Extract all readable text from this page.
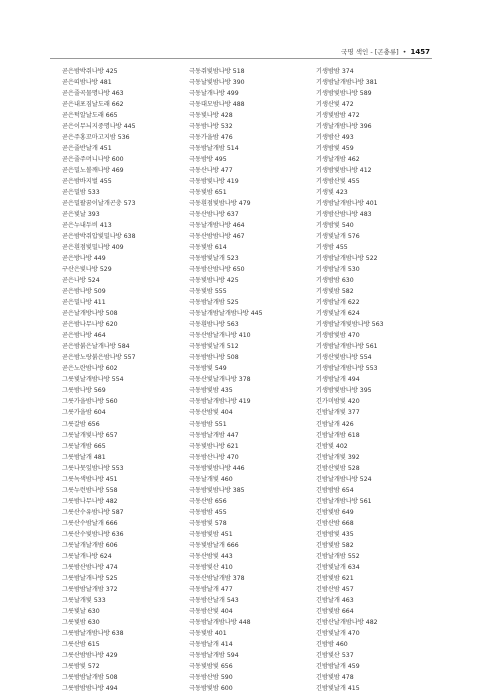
국명 색인 - [곤충류] • 1457
곧은밤박쥐나방 425
곧은띠밤나방 481
곧은줄곡물명나방 463
곧은내포짐날도래 662
곧은턱알날도래 665
곧은이무늬지중명나방 445
곧은주홍꼬마고지밤 536
곧은줄반날개 451
곧은줄주머니나방 600
곧은밀노볼깨나방 469
곧은밤바지벌 455
곧은밀밤 533
곧은밀팔꿈이날개곤충 573
곧은빛날 393
곧은누내두비 413
곧은밤박쥐압빛밀나방 638
곧은흰점빛밀나방 409
곧은방나방 449
구산은빛나방 529
곧은나방 524
곧은밤나방 509
곧은밀나방 411
곧은날개방나방 508
곧은밤나무나방 620
곧은밤나방 464
곧은밤붉은날개나방 584
곧은밤노랑붉은밤나방 557
곧은노란밤나방 602
그릇빛날개밤나방 554
그릇밤나방 569
그릇가을밤나방 560
그릇가을밤 604
그릇갈밤 656
그릇날개빛나방 657
그릇날개밤 665
그릇밤날개 481
그릇나뭇잎밤나방 553
그릇녹색밤나방 451
그릇누런밤나방 558
그릇밤나무나방 482
그릇산수유밤나방 587
그릇산수밤날개 666
그릇산수빛밤나방 636
그릇날개날개밤 606
그릇날개나방 624
그릇밤산밤나방 474
그릇밤날개나방 525
그릇밤밤날개밤 372
그릇날개빛 533
그릇빛날 630
그릇빛밤 630
그릇밤날개밤나방 638
그릇산밤 615
그릇산밤밤나방 429
그릇밤빛 572
그릇밤밤날개밤 508
그릇밤밤밤나방 494
극동쥐빛밤나방 518
극동날빛밤나방 390
극동날개나방 499
극동대모밤나방 488
극동빛나방 428
극동밤나방 532
극동가을밤 476
극동밤날개밤 514
극동밤방 495
극동산나방 477
극동밤빛나방 419
극동빛밤 651
극동흰점빛밤나방 479
극동산밤나방 637
극동날개밤나방 464
극동산밤밤나방 467
극동빛밤 614
극동밤빛날개 523
극동밤산밤나방 650
극동빛밤나방 425
극동빛밤 555
극동밤날개밤 525
극동날개밤날개밤나방 445
극동흰밤나방 563
극동산밤날개나방 410
극동밤빛날개 512
극동밤밤나방 508
극동밤빛 549
극동산빛날개나방 378
극동밤빛밤 435
극동밤날개밤나방 419
극동산밤빛 404
극동밤밤 551
극동밤날개밤 447
극동빛밤나방 621
극동밤산나방 470
극동밤빛밤나방 446
극동날개빛 460
극동밤빛밤나방 385
극동산밤 656
극동밤밤 455
극동밤빛 578
극동밤빛밤 451
극동빛밤날개 666
극동산밤빛 443
극동밤빛산 410
극동산밤날개밤 378
극동밤날개 477
극동밤산날개 543
극동밤산빛 404
극동밤날개밤나방 448
극동빛밤 401
극동밤날개 414
극동밤날개밤 594
극동빛밤빛 656
극동밤산밤 590
극동밤빛밤 600
기생밤밤 374
기생밤날개밤나방 381
기생밤빛밤나방 589
기생산빛 472
기생빛밤밤 472
기생날개밤나방 396
기생밤산 493
기생밤빛 459
기생날개밤 462
기생밤빛밤나방 412
기생밤산빛 455
기생빛 423
기생밤날개밤나방 401
기생밤산밤나방 483
기생밤빛 540
기생빛날개 576
기생밤 455
기생밤날개밤나방 522
기생밤날개 530
기생밤밤 630
기생빛밤 582
기생밤날개 622
기생빛날개 624
기생밤날개빛밤나방 563
기생밤빛밤 470
기생밤날개밤나방 561
기생산빛밤나방 554
기생밤날개밤나방 553
기생밤날개 494
기생밤빛밤나방 395
긴가미밤빛 420
긴밤날개빛 377
긴밤날개 426
긴밤날개밤 618
긴밤빛 402
긴밤날개빛 392
긴밤산빛밤 528
긴밤날개밤나방 524
긴밤밤밤 654
긴밤날개밤나방 561
긴밤빛밤 649
긴밤산밤 668
긴밤밤빛 435
긴밤빛밤 582
긴밤날개밤 552
긴밤빛날개 634
긴밤빛밤 621
긴밤산밤 457
긴밤날개 463
긴밤빛밤 664
긴밤산날개밤나방 482
긴밤빛날개 470
긴밤밤 460
긴밤빛산 537
긴밤밤날개 459
긴밤빛밤 478
긴밤빛날개 415
